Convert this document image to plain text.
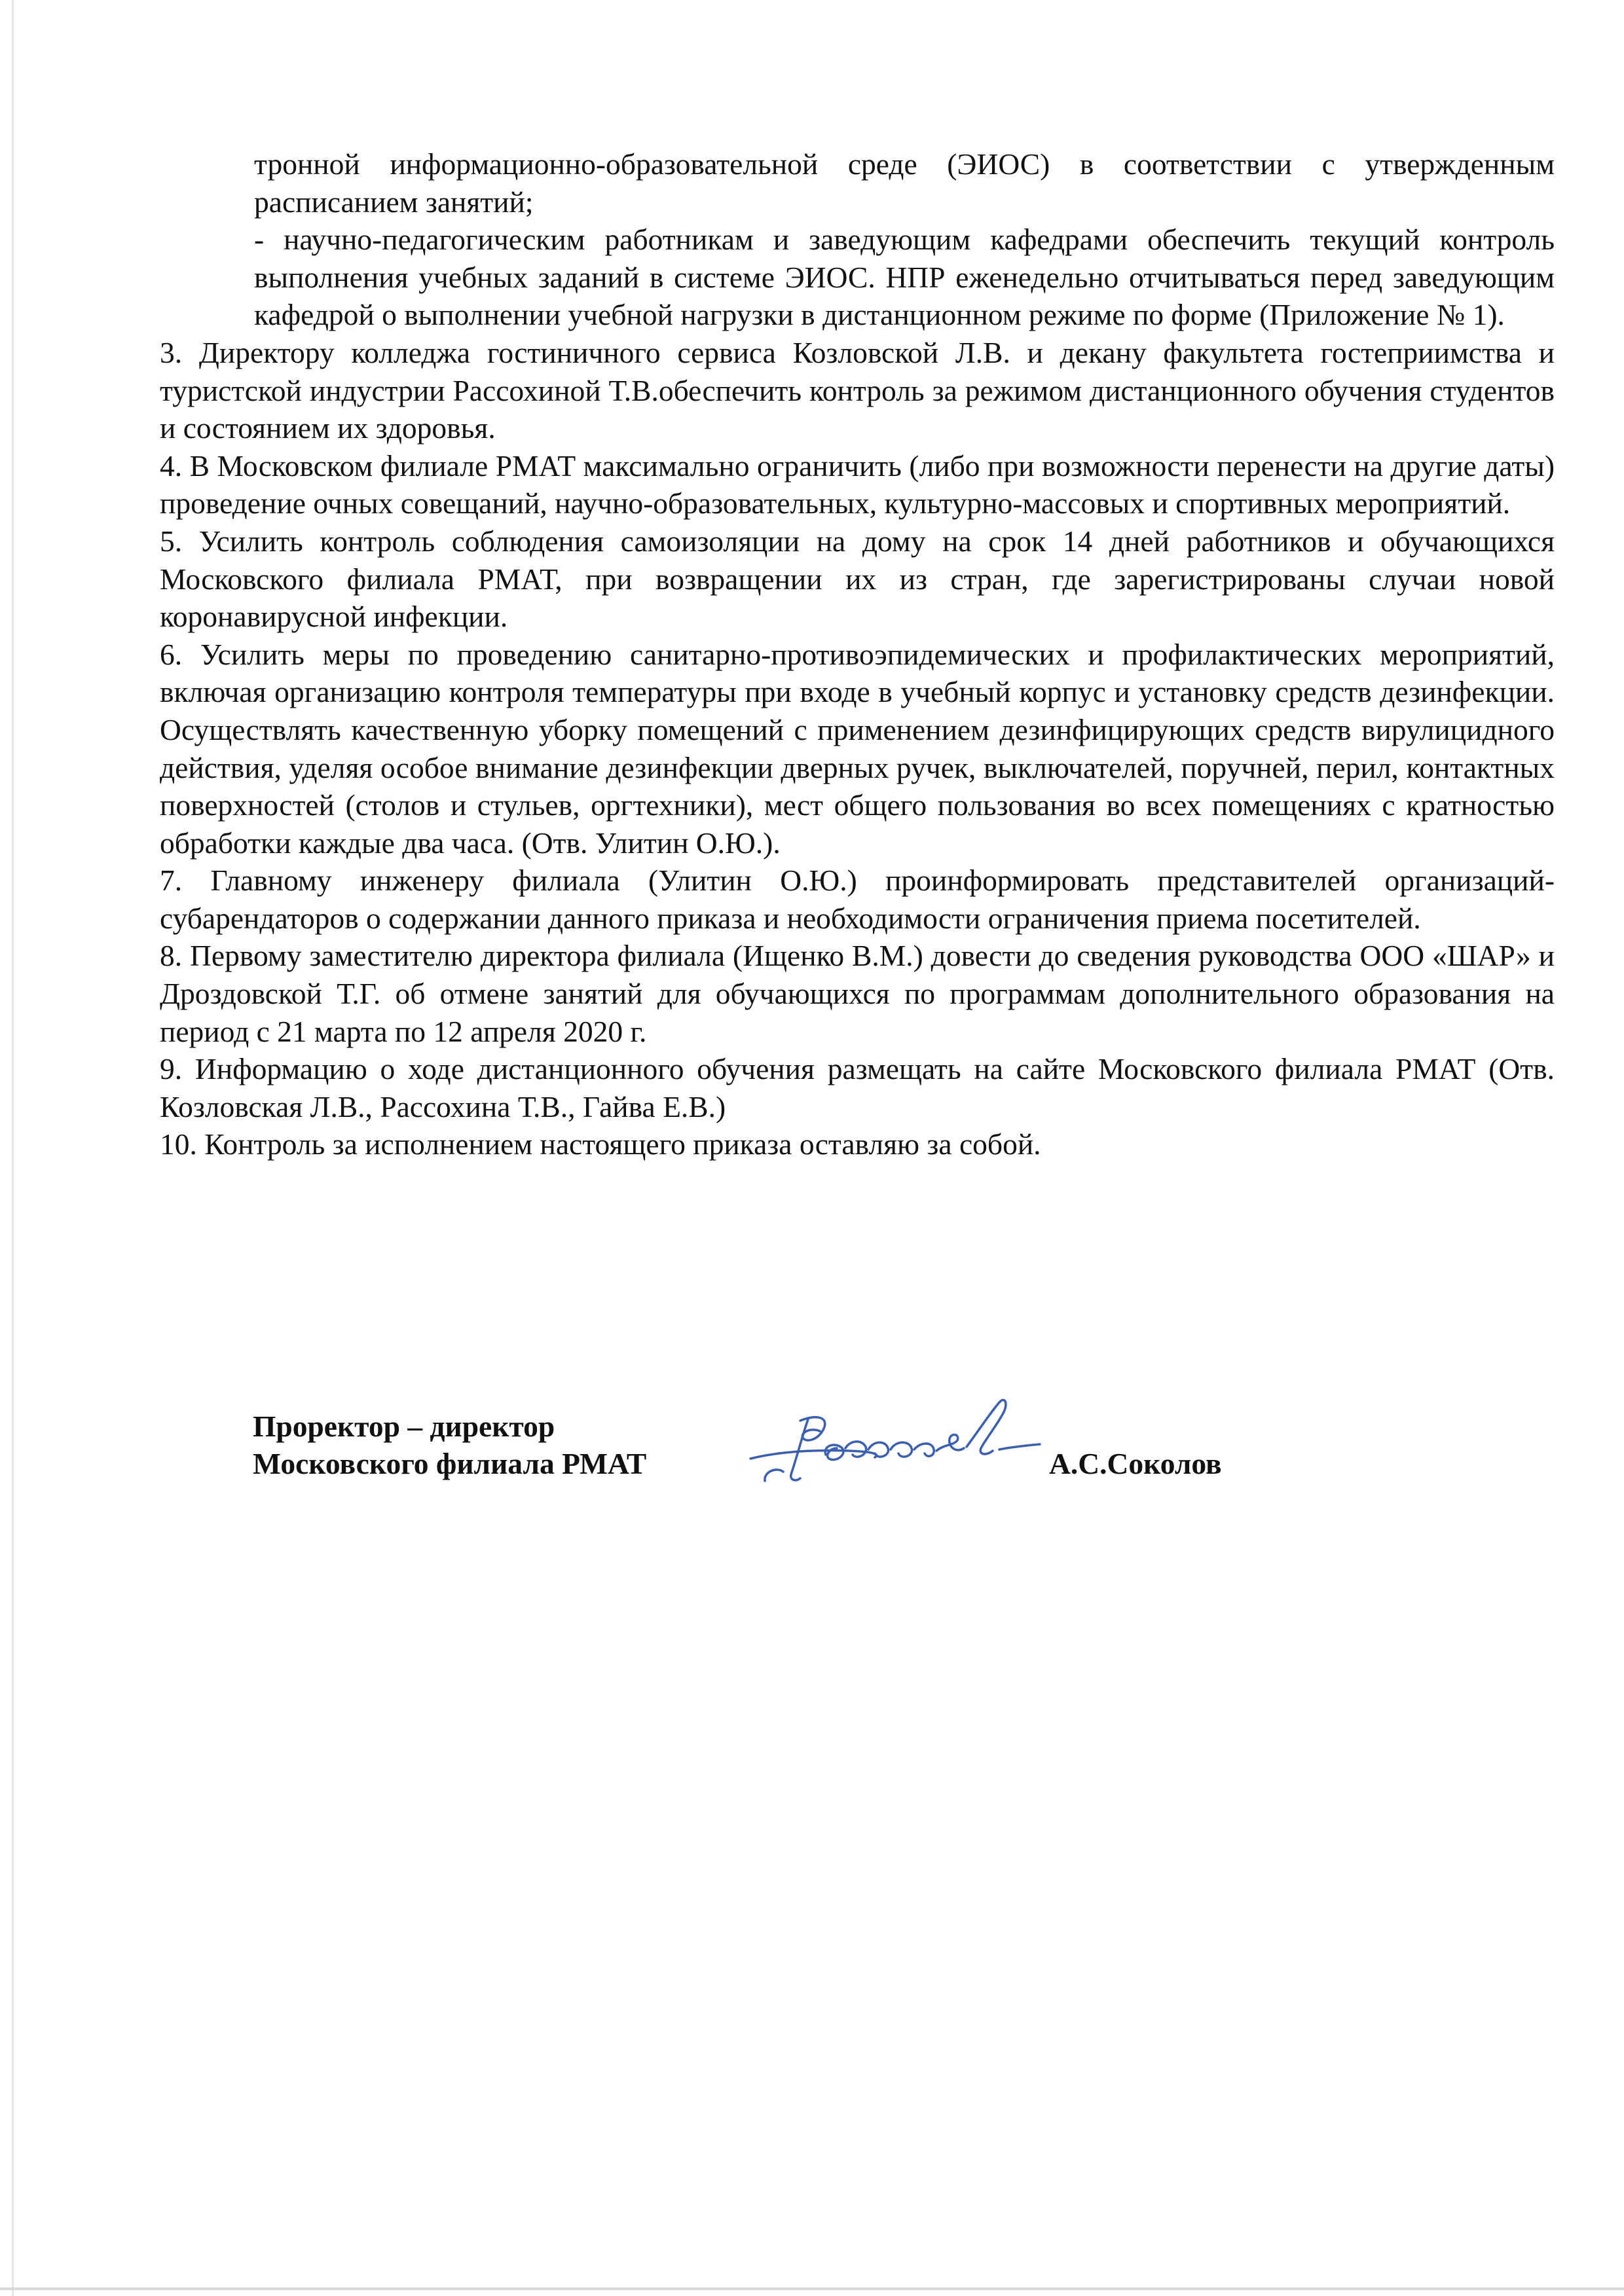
тронной информационно-образовательной среде (ЭИОС) в соответствии с утвержденным расписанием занятий;

- научно-педагогическим работникам и заведующим кафедрами обеспечить текущий контроль выполнения учебных заданий в системе ЭИОС. НПР еженедельно отчитываться перед заведующим кафедрой о выполнении учебной нагрузки в дистанционном режиме по форме (Приложение № 1).

3. Директору колледжа гостиничного сервиса Козловской Л.В. и декану факультета гостеприимства и туристской индустрии Рассохиной Т.В.обеспечить контроль за режимом дистанционного обучения студентов и состоянием их здоровья.

4. В Московском филиале РМАТ максимально ограничить (либо при возможности перенести на другие даты) проведение очных совещаний, научно-образовательных, культурно-массовых и спортивных мероприятий.

5. Усилить контроль соблюдения самоизоляции на дому на срок 14 дней работников и обучающихся Московского филиала РМАТ, при возвращении их из стран, где зарегистрированы случаи новой коронавирусной инфекции.

6. Усилить меры по проведению санитарно-противоэпидемических и профилактических мероприятий, включая организацию контроля температуры при входе в учебный корпус и установку средств дезинфекции. Осуществлять качественную уборку помещений с применением дезинфицирующих средств вирулицидного действия, уделяя особое внимание дезинфекции дверных ручек, выключателей, поручней, перил, контактных поверхностей (столов и стульев, оргтехники), мест общего пользования во всех помещениях с кратностью обработки каждые два часа. (Отв. Улитин О.Ю.).

7. Главному инженеру филиала (Улитин О.Ю.) проинформировать представителей организаций-субарендаторов о содержании данного приказа и необходимости ограничения приема посетителей.

8. Первому заместителю директора филиала (Ищенко В.М.) довести до сведения руководства ООО «ШАР» и Дроздовской Т.Г. об отмене занятий для обучающихся по программам дополнительного образования на период с 21 марта по 12 апреля 2020 г.

9. Информацию о ходе дистанционного обучения размещать на сайте Московского филиала РМАТ (Отв. Козловская Л.В., Рассохина Т.В., Гайва Е.В.)

10. Контроль за исполнением настоящего приказа оставляю за собой.

Проректор – директор
Московского филиала РМАТ	А.С.Соколов
